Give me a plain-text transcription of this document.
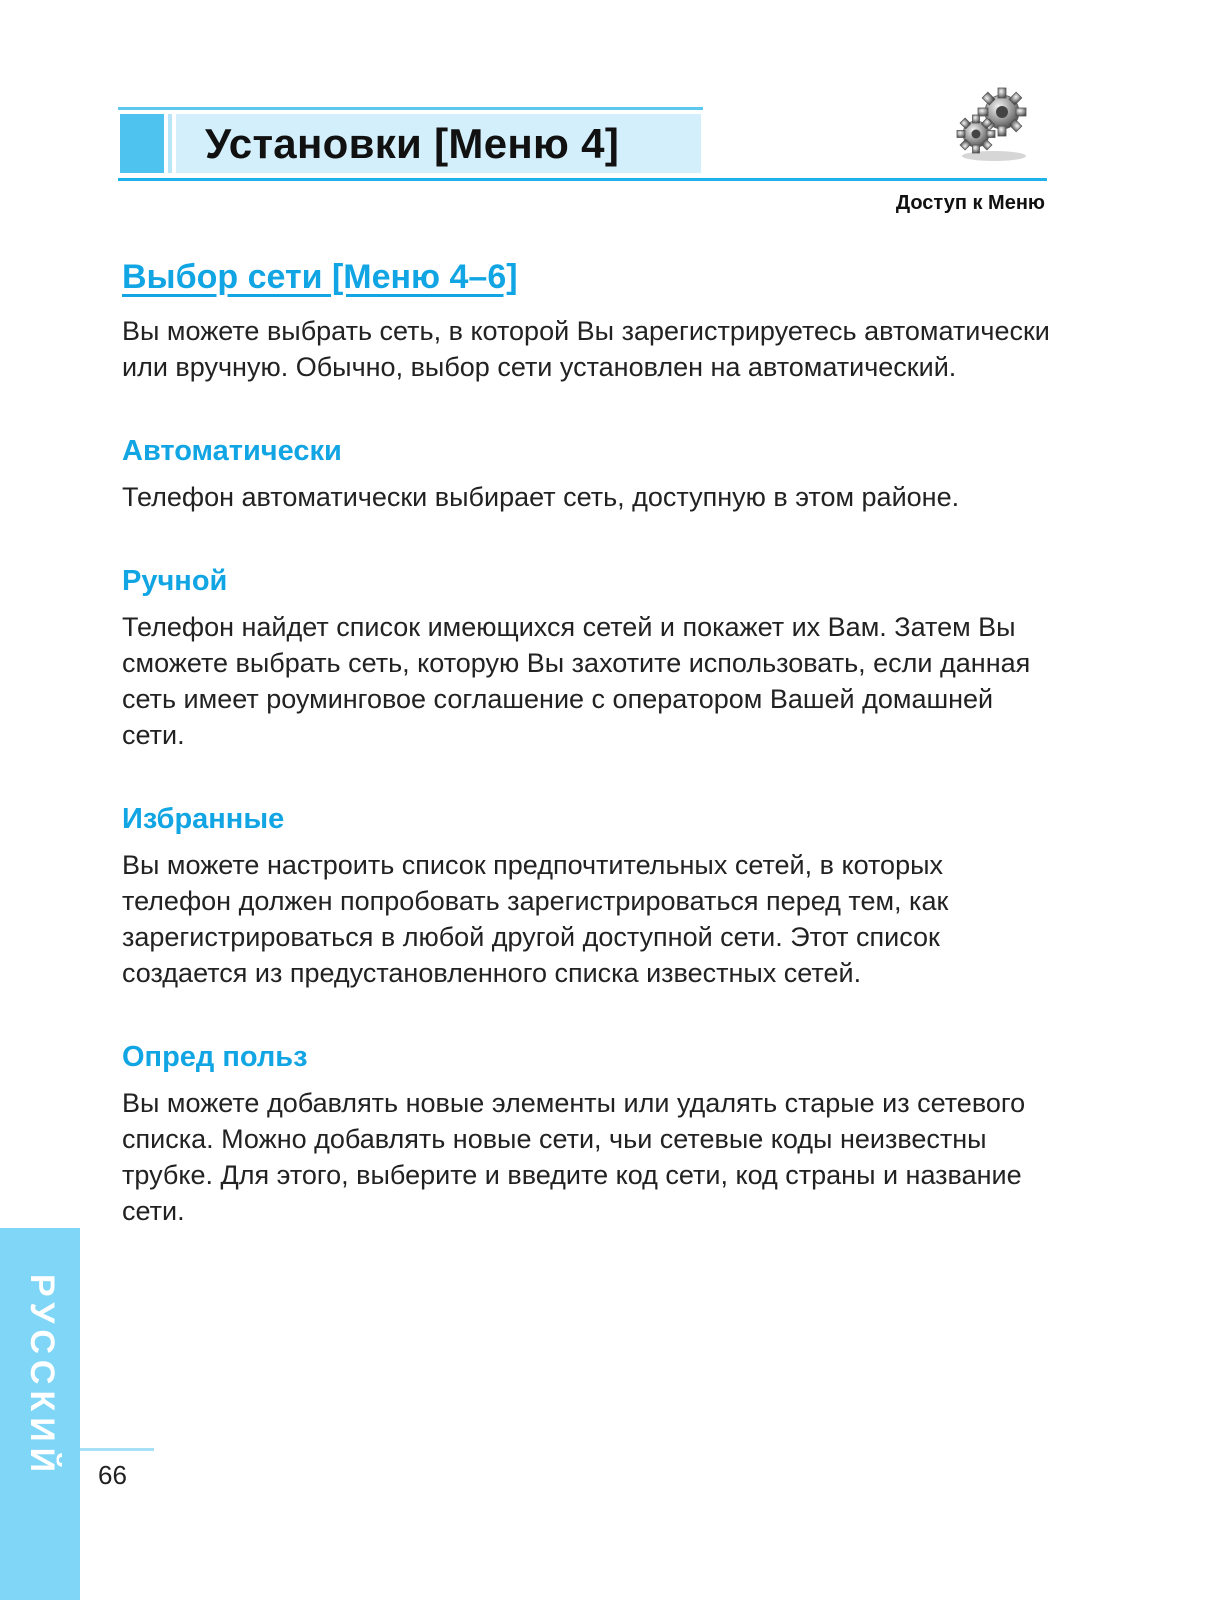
Установки [Меню 4]
Доступ к Меню
Выбор сети [Меню 4–6]

Вы можете выбрать сеть, в которой Вы зарегистрируетесь автоматически или вручную. Обычно, выбор сети установлен на автоматический.

Автоматически

Телефон автоматически выбирает сеть, доступную в этом районе.

Ручной

Телефон найдет список имеющихся сетей и покажет их Вам. Затем Вы сможете выбрать сеть, которую Вы захотите использовать, если данная сеть имеет роуминговое соглашение с оператором Вашей домашней сети.

Избранные

Вы можете настроить список предпочтительных сетей, в которых телефон должен попробовать зарегистрироваться перед тем, как зарегистрироваться в любой другой доступной сети. Этот список создается из предустановленного списка известных сетей.

Опред польз

Вы можете добавлять новые элементы или удалять старые из сетевого списка. Можно добавлять новые сети, чьи сетевые коды неизвестны трубке. Для этого, выберите и введите код сети, код страны и название сети.

РУССКИЙ 66
